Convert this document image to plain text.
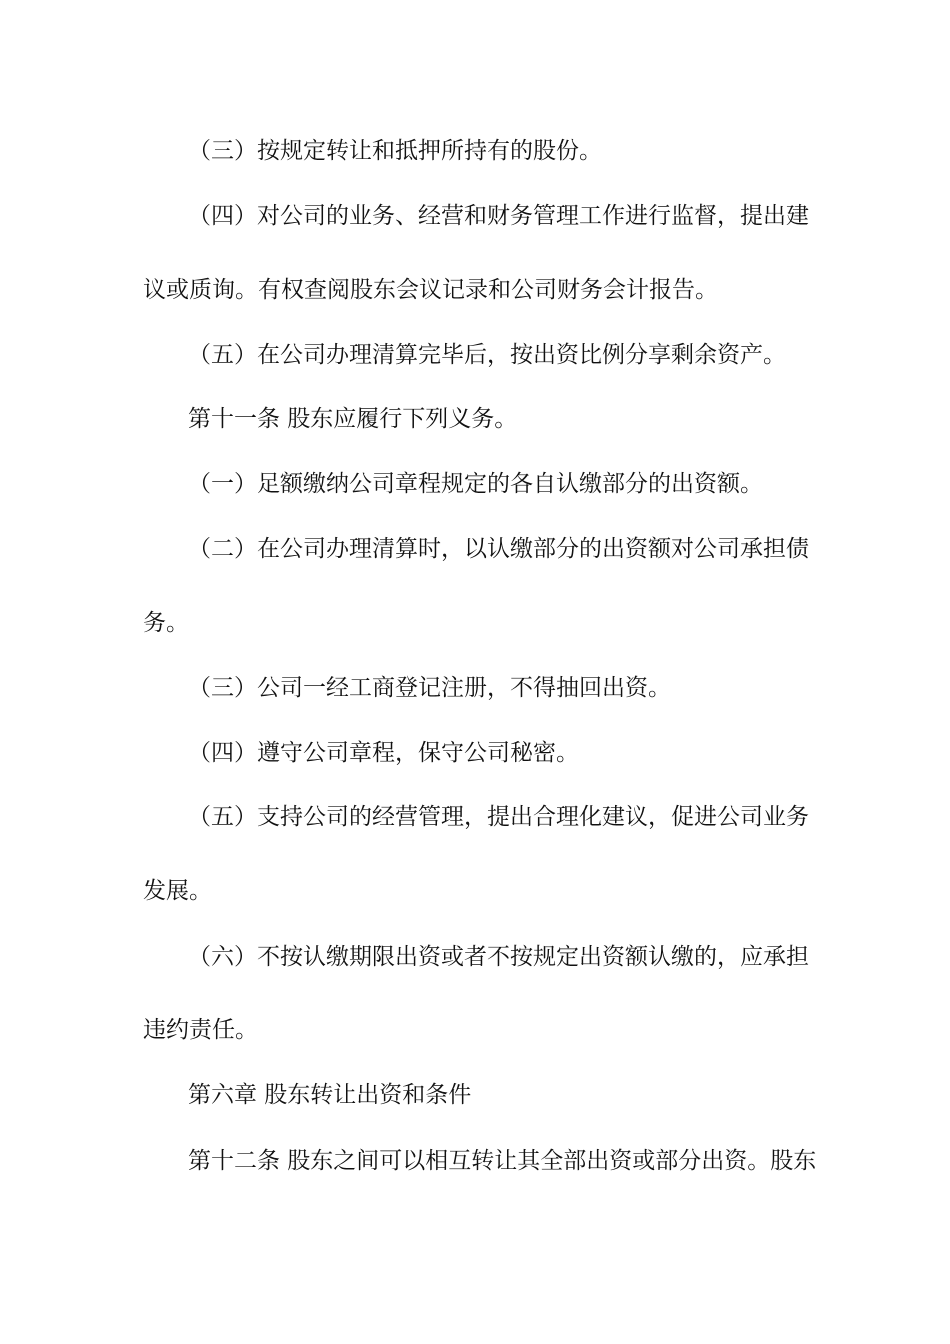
（三）按规定转让和抵押所持有的股份。
（四）对公司的业务、经营和财务管理工作进行监督，提出建
议或质询。有权查阅股东会议记录和公司财务会计报告。
（五）在公司办理清算完毕后，按出资比例分享剩余资产。
第十一条 股东应履行下列义务。
（一）足额缴纳公司章程规定的各自认缴部分的出资额。
（二）在公司办理清算时，以认缴部分的出资额对公司承担债
务。
（三）公司一经工商登记注册，不得抽回出资。
（四）遵守公司章程，保守公司秘密。
（五）支持公司的经营管理，提出合理化建议，促进公司业务
发展。
（六）不按认缴期限出资或者不按规定出资额认缴的，应承担
违约责任。
第六章 股东转让出资和条件
第十二条 股东之间可以相互转让其全部出资或部分出资。股东
